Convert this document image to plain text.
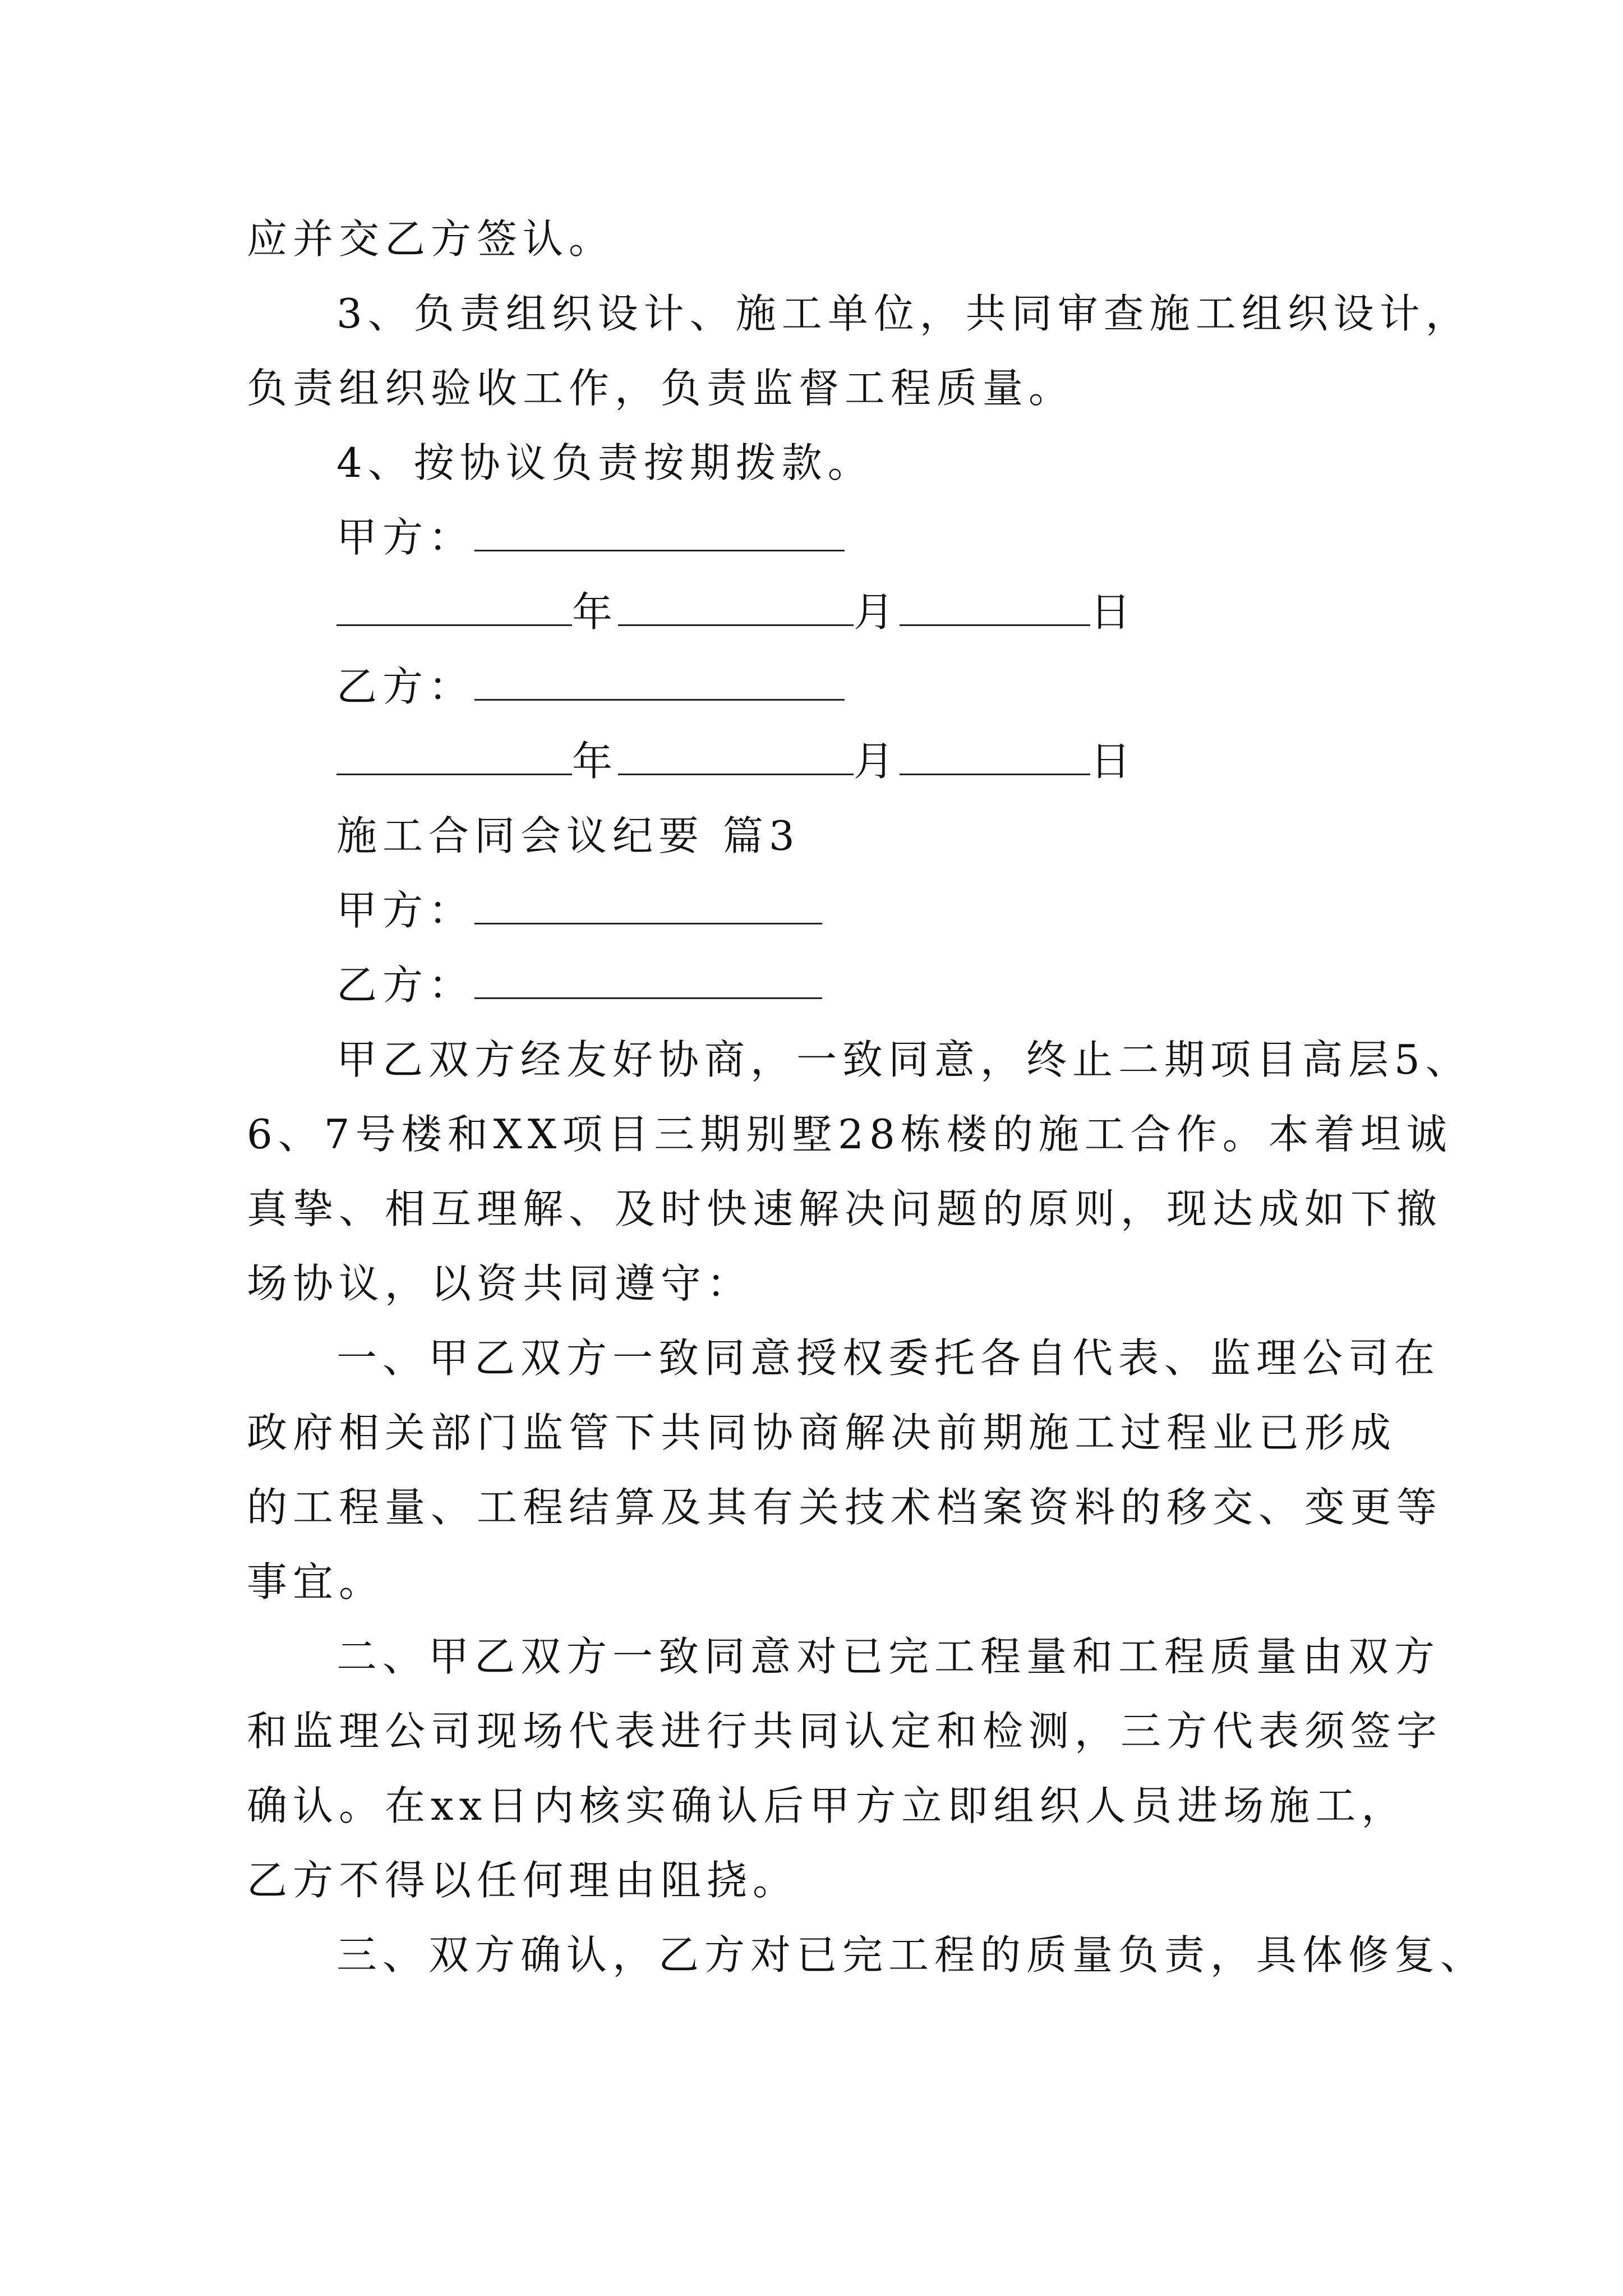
应并交乙方签认。
3、负责组织设计、施工单位，共同审查施工组织设计，
负责组织验收工作，负责监督工程质量。
4、按协议负责按期拨款。
甲方：
年	月	日
乙方：
年	月	日
施工合同会议纪要 篇3
甲方：
乙方：
甲乙双方经友好协商，一致同意，终止二期项目高层5、
6、7号楼和XX项目三期别墅28栋楼的施工合作。本着坦诚
真挚、相互理解、及时快速解决问题的原则，现达成如下撤
场协议，以资共同遵守：
一、甲乙双方一致同意授权委托各自代表、监理公司在
政府相关部门监管下共同协商解决前期施工过程业已形成
的工程量、工程结算及其有关技术档案资料的移交、变更等
事宜。
二、甲乙双方一致同意对已完工程量和工程质量由双方
和监理公司现场代表进行共同认定和检测，三方代表须签字
确认。在xx日内核实确认后甲方立即组织人员进场施工，
乙方不得以任何理由阻挠。
三、双方确认，乙方对已完工程的质量负责，具体修复、
